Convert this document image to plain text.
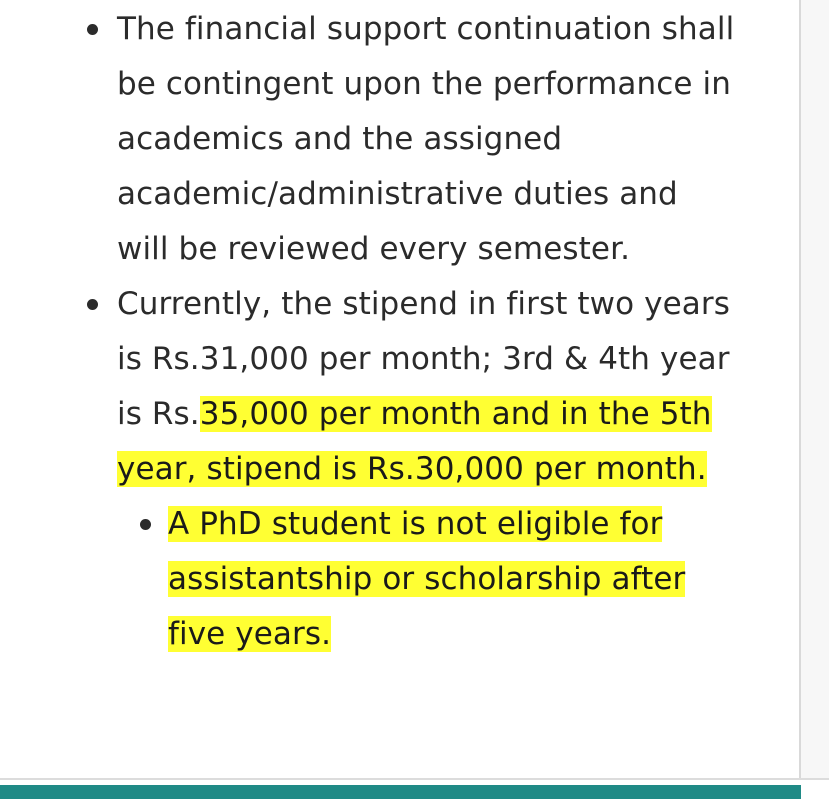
The financial support continuation shall be contingent upon the performance in academics and the assigned academic/administrative duties and will be reviewed every semester.
Currently, the stipend in first two years is Rs.31,000 per month; 3rd & 4th year is Rs.35,000 per month and in the 5th year, stipend is Rs.30,000 per month.
A PhD student is not eligible for assistantship or scholarship after five years.
